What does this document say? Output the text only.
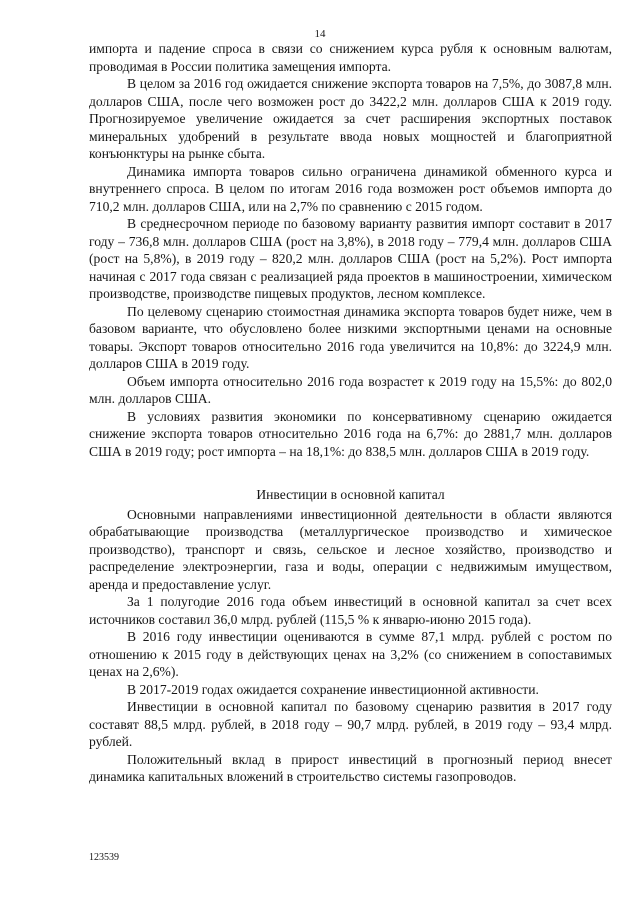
14

импорта и падение спроса в связи со снижением курса рубля к основным валютам, проводимая в России политика замещения импорта.

В целом за 2016 год ожидается снижение экспорта товаров на 7,5%, до 3087,8 млн. долларов США, после чего возможен рост до 3422,2 млн. долларов США к 2019 году. Прогнозируемое увеличение ожидается за счет расширения экспортных поставок минеральных удобрений в результате ввода новых мощностей и благоприятной конъюнктуры на рынке сбыта.

Динамика импорта товаров сильно ограничена динамикой обменного курса и внутреннего спроса. В целом по итогам 2016 года возможен рост объемов импорта до 710,2 млн. долларов США, или на 2,7% по сравнению с 2015 годом.

В среднесрочном периоде по базовому варианту развития импорт составит в 2017 году – 736,8 млн. долларов США (рост на 3,8%), в 2018 году – 779,4 млн. долларов США (рост на 5,8%), в 2019 году – 820,2 млн. долларов США (рост на 5,2%). Рост импорта начиная с 2017 года связан с реализацией ряда проектов в машиностроении, химическом производстве, производстве пищевых продуктов, лесном комплексе.

По целевому сценарию стоимостная динамика экспорта товаров будет ниже, чем в базовом варианте, что обусловлено более низкими экспортными ценами на основные товары. Экспорт товаров относительно 2016 года увеличится на 10,8%: до 3224,9 млн. долларов США в 2019 году.

Объем импорта относительно 2016 года возрастет к 2019 году на 15,5%: до 802,0 млн. долларов США.

В условиях развития экономики по консервативному сценарию ожидается снижение экспорта товаров относительно 2016 года на 6,7%: до 2881,7 млн. долларов США в 2019 году; рост импорта – на 18,1%: до 838,5 млн. долларов США в 2019 году.

Инвестиции в основной капитал

Основными направлениями инвестиционной деятельности в области являются обрабатывающие производства (металлургическое производство и химическое производство), транспорт и связь, сельское и лесное хозяйство, производство и распределение электроэнергии, газа и воды, операции с недвижимым имуществом, аренда и предоставление услуг.

За 1 полугодие 2016 года объем инвестиций в основной капитал за счет всех источников составил 36,0 млрд. рублей (115,5 % к январю-июню 2015 года).

В 2016 году инвестиции оцениваются в сумме 87,1 млрд. рублей с ростом по отношению к 2015 году в действующих ценах на 3,2% (со снижением в сопоставимых ценах на 2,6%).

В 2017-2019 годах ожидается сохранение инвестиционной активности.

Инвестиции в основной капитал по базовому сценарию развития в 2017 году составят 88,5 млрд. рублей, в 2018 году – 90,7 млрд. рублей, в 2019 году – 93,4 млрд. рублей.

Положительный вклад в прирост инвестиций в прогнозный период внесет динамика капитальных вложений в строительство системы газопроводов.

123539
